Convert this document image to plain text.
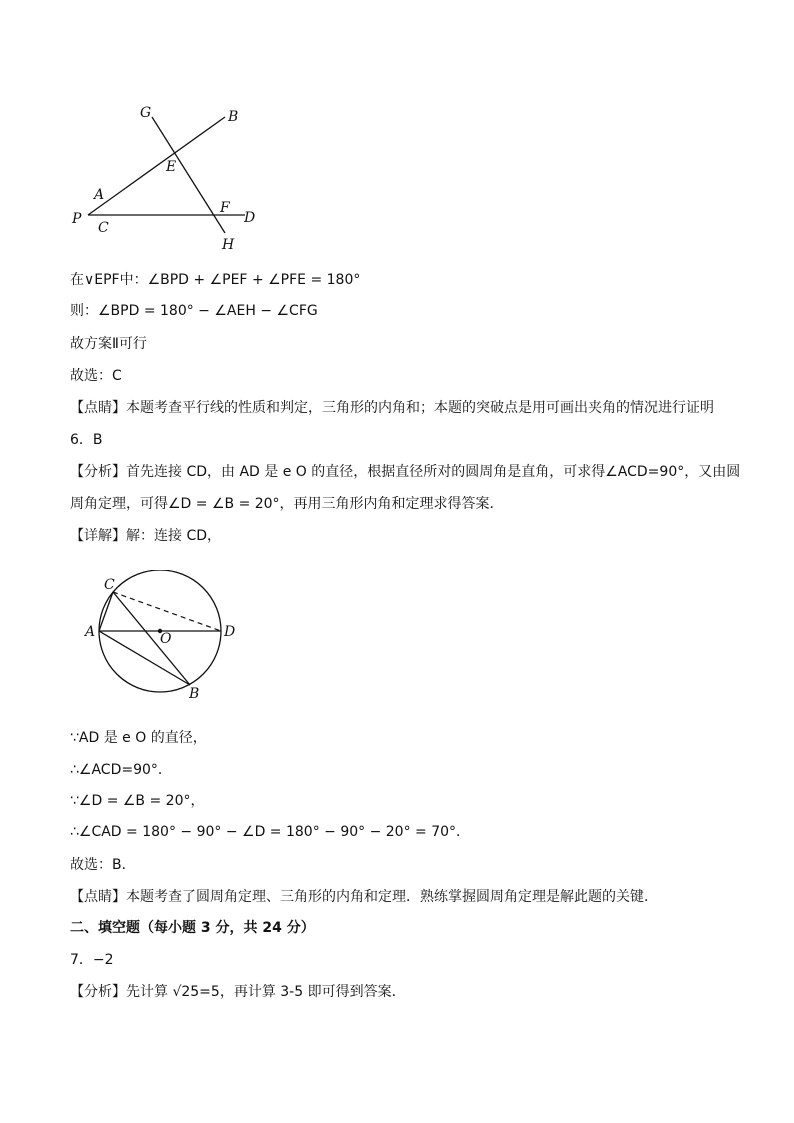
G	B
E
A
P
C
F
D
H
在∨EPF中：∠BPD + ∠PEF + ∠PFE = 180°
则：∠BPD = 180° − ∠AEH − ∠CFG
故方案Ⅱ可行
故选：C
【点睛】本题考查平行线的性质和判定，三角形的内角和；本题的突破点是用可画出夹角的情况进行证明
6．B
【分析】首先连接 CD，由 AD 是 e O 的直径，根据直径所对的圆周角是直角，可求得∠ACD=90°，又由圆
周角定理，可得∠D = ∠B = 20°，再用三角形内角和定理求得答案．
【详解】解：连接 CD，
C
A	O	D
B
∵AD 是 e O 的直径，
∴∠ACD=90°．
∵∠D = ∠B = 20°，
∴∠CAD = 180° − 90° − ∠D = 180° − 90° − 20° = 70°．
故选：B．
【点睛】本题考查了圆周角定理、三角形的内角和定理．熟练掌握圆周角定理是解此题的关键．
二、填空题（每小题 3 分，共 24 分）
7．−2
【分析】先计算 √25=5，再计算 3-5 即可得到答案．
